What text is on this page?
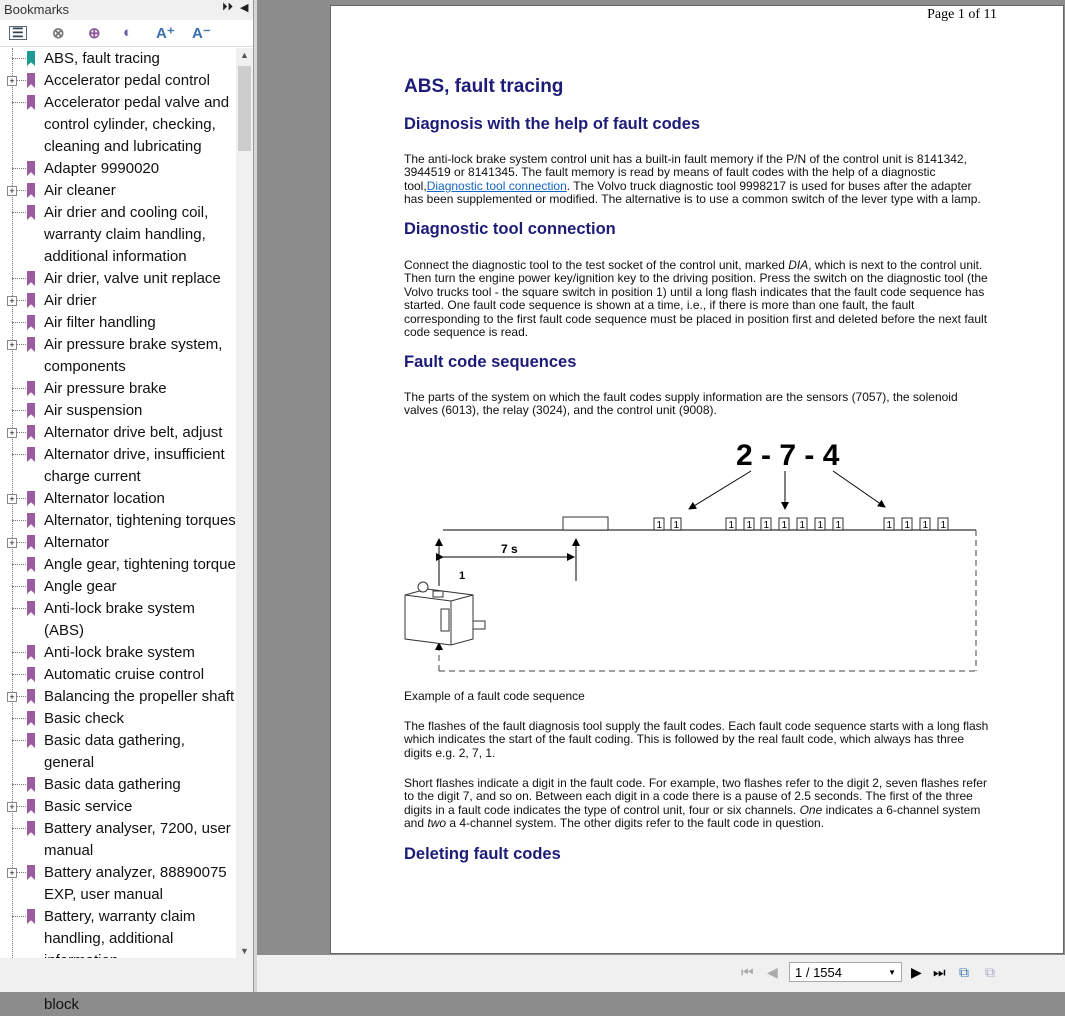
Bookmarks	⏵⏵ ◀
☰ ⊗ ⊕ ◐ A⁺ A⁻
ABS, fault tracing
+ Accelerator pedal control
Accelerator pedal valve and control cylinder, checking, cleaning and lubricating
Adapter 9990020
+ Air cleaner
Air drier and cooling coil, warranty claim handling, additional information
Air drier, valve unit replace
+ Air drier
Air filter handling
+ Air pressure brake system, components
Air pressure brake
Air suspension
+ Alternator drive belt, adjust
Alternator drive, insufficient charge current
+ Alternator location
Alternator, tightening torques
+ Alternator
Angle gear, tightening torque
Angle gear
Anti-lock brake system (ABS)
Anti-lock brake system
Automatic cruise control
+ Balancing the propeller shaft
Basic check
Basic data gathering, general
Basic data gathering
+ Basic service
Battery analyser, 7200, user manual
+ Battery analyzer, 88890075 EXP, user manual
Battery, warranty claim handling, additional
block
▲
▼
Page 1 of 11
ABS, fault tracing
Diagnosis with the help of fault codes
The anti-lock brake system control unit has a built-in fault memory if the P/N of the control unit is 8141342, 3944519 or 8141345. The fault memory is read by means of fault codes with the help of a diagnostic tool,Diagnostic tool connection. The Volvo truck diagnostic tool 9998217 is used for buses after the adapter has been supplemented or modified. The alternative is to use a common switch of the lever type with a lamp.
Diagnostic tool connection
Connect the diagnostic tool to the test socket of the control unit, marked DIA, which is next to the control unit. Then turn the engine power key/ignition key to the driving position. Press the switch on the diagnostic tool (the Volvo trucks tool - the square switch in position 1) until a long flash indicates that the fault code sequence has started. One fault code sequence is shown at a time, i.e., if there is more than one fault, the fault corresponding to the first fault code sequence must be placed in position first and deleted before the next fault code sequence is read.
Fault code sequences
The parts of the system on which the fault codes supply information are the sensors (7057), the solenoid valves (6013), the relay (3024), and the control unit (9008).
2 - 7 - 4
1 1	1 1 1 1 1 1 1	1 1 1 1
7 s
1
Example of a fault code sequence
The flashes of the fault diagnosis tool supply the fault codes. Each fault code sequence starts with a long flash which indicates the start of the fault coding. This is followed by the real fault code, which always has three digits e.g. 2, 7, 1.
Short flashes indicate a digit in the fault code. For example, two flashes refer to the digit 2, seven flashes refer to the digit 7, and so on. Between each digit in a code there is a pause of 2.5 seconds. The first of the three digits in a fault code indicates the type of control unit, four or six channels. One indicates a 6-channel system and two a 4-channel system. The other digits refer to the fault code in question.
Deleting fault codes
⏮ ◀	1 / 1554	▼ ▶ ⏭ ⧉ ⧉
